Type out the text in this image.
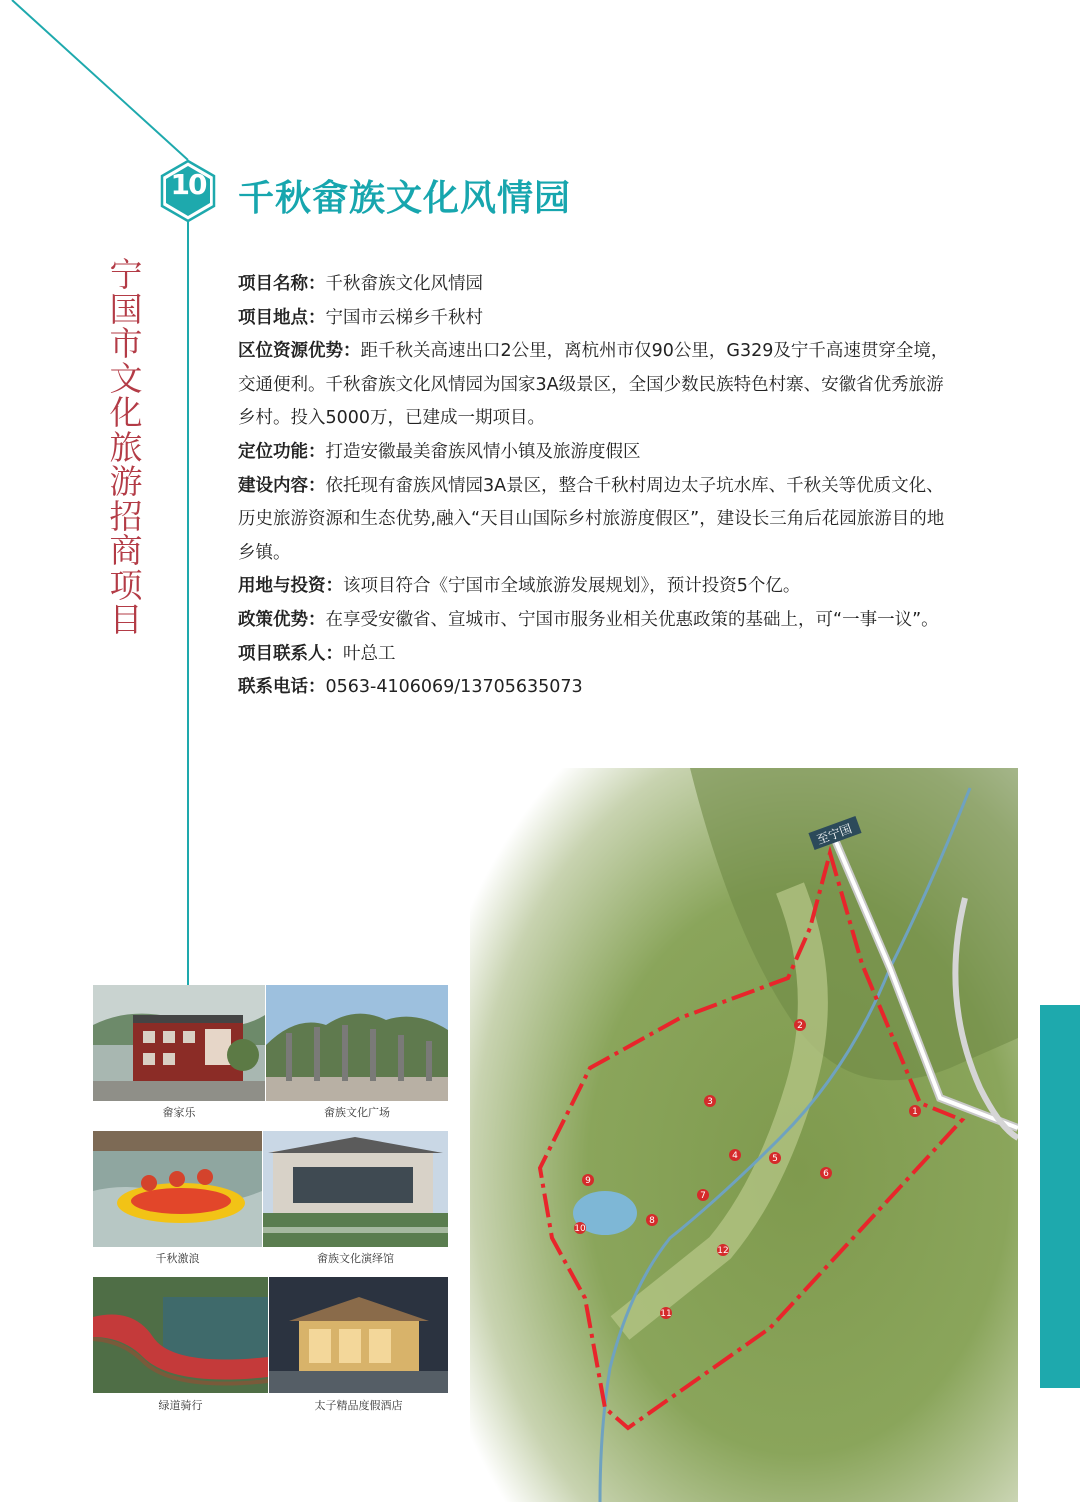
10 千秋畲族文化风情园
宁
国
市
文
化
旅
游
招
商
项
目

项目名称：千秋畲族文化风情园

项目地点：宁国市云梯乡千秋村

区位资源优势：距千秋关高速出口2公里，离杭州市仅90公里，G329及宁千高速贯穿全境，交通便利。千秋畲族文化风情园为国家3A级景区，全国少数民族特色村寨、安徽省优秀旅游乡村。投入5000万，已建成一期项目。

定位功能：打造安徽最美畲族风情小镇及旅游度假区

建设内容：依托现有畲族风情园3A景区，整合千秋村周边太子坑水库、千秋关等优质文化、历史旅游资源和生态优势,融入“天目山国际乡村旅游度假区”，建设长三角后花园旅游目的地乡镇。

用地与投资：该项目符合《宁国市全域旅游发展规划》，预计投资5个亿。

政策优势：在享受安徽省、宣城市、宁国市服务业相关优惠政策的基础上，可“一事一议”。

项目联系人：叶总工

联系电话：0563-4106069/13705635073

畲家乐	畲族文化广场
千秋激浪	畲族文化演绎馆
绿道骑行	太子精品度假酒店
至宁国
1
2
3
4	5
6
7
8
9
10
11
12
